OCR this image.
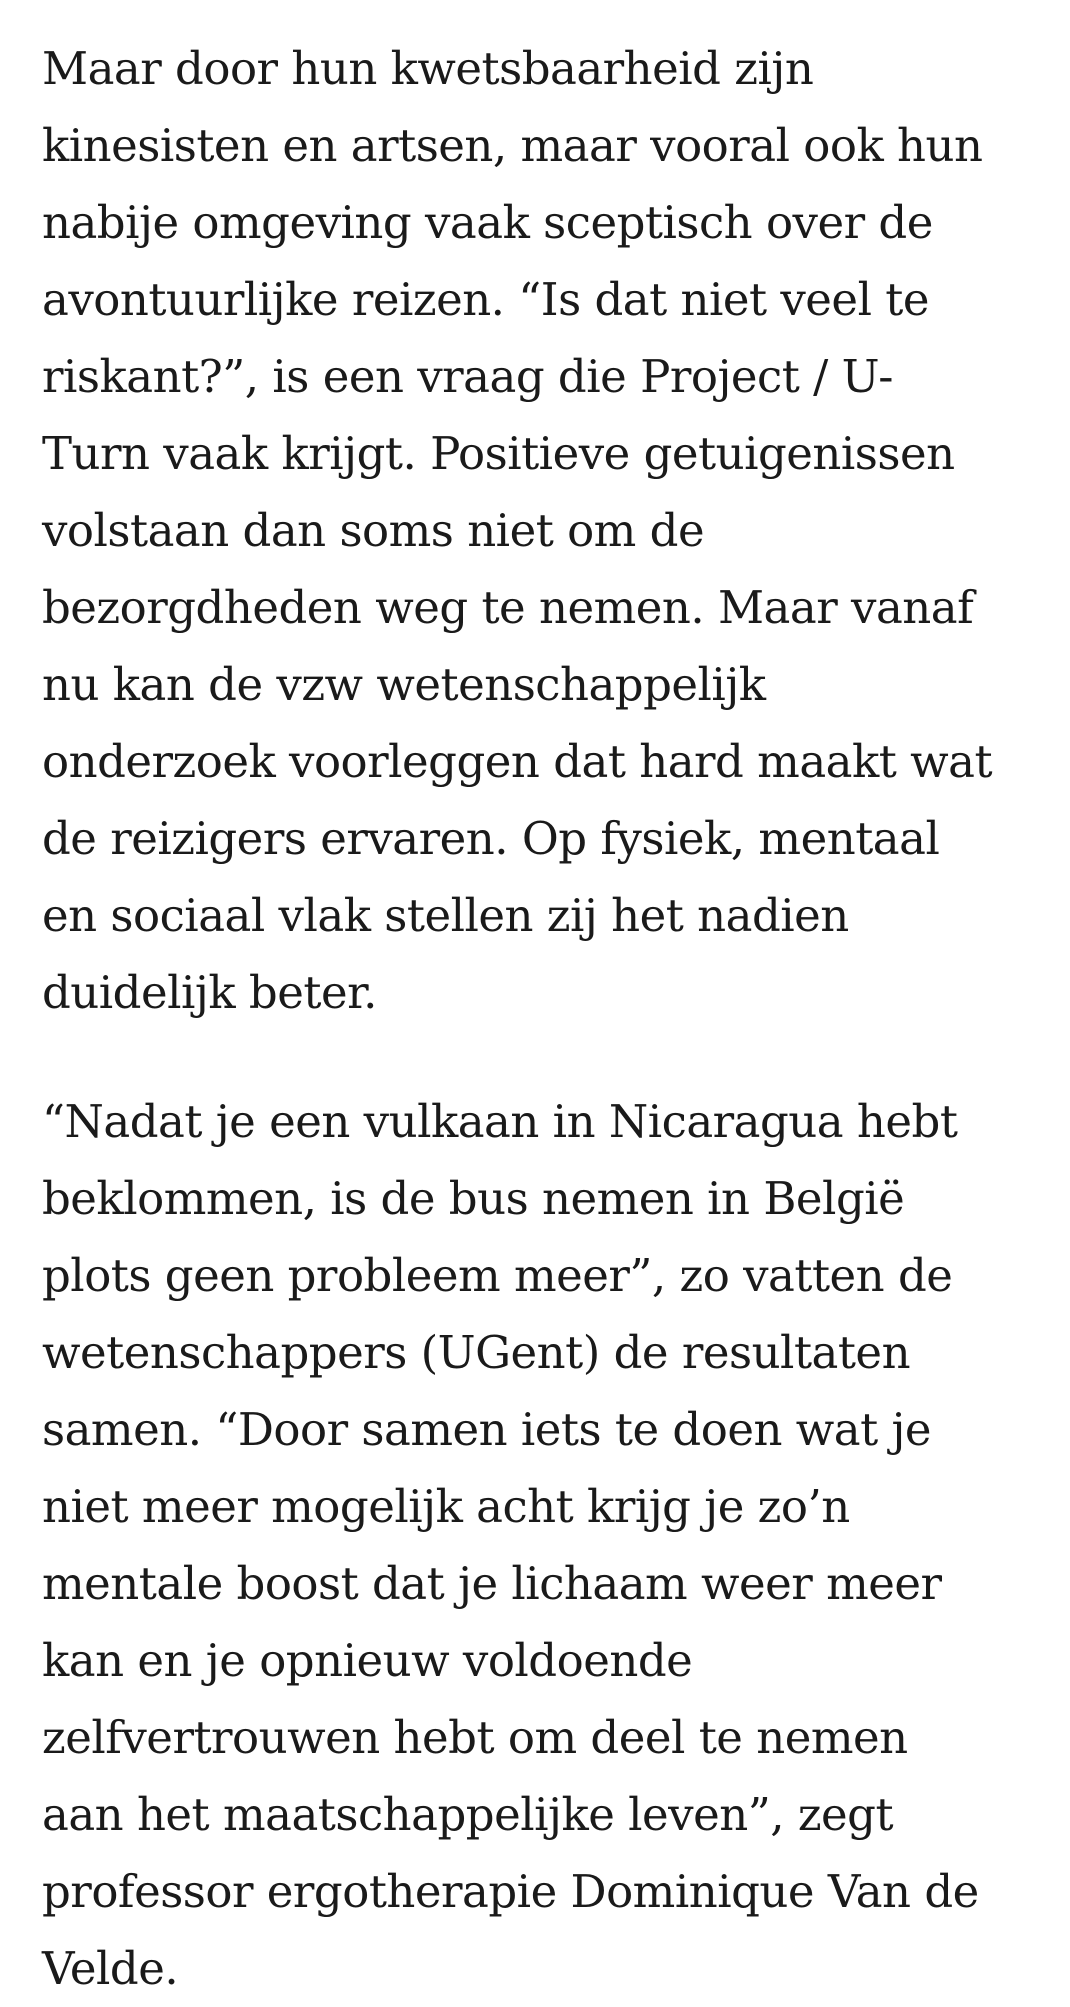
Maar door hun kwetsbaarheid zijn
kinesisten en artsen, maar vooral ook hun
nabije omgeving vaak sceptisch over de
avontuurlijke reizen. “Is dat niet veel te
riskant?”, is een vraag die Project / U-
Turn vaak krijgt. Positieve getuigenissen
volstaan dan soms niet om de
bezorgdheden weg te nemen. Maar vanaf
nu kan de vzw wetenschappelijk
onderzoek voorleggen dat hard maakt wat
de reizigers ervaren. Op fysiek, mentaal
en sociaal vlak stellen zij het nadien
duidelijk beter.

“Nadat je een vulkaan in Nicaragua hebt
beklommen, is de bus nemen in België
plots geen probleem meer”, zo vatten de
wetenschappers (UGent) de resultaten
samen. “Door samen iets te doen wat je
niet meer mogelijk acht krijg je zo’n
mentale boost dat je lichaam weer meer
kan en je opnieuw voldoende
zelfvertrouwen hebt om deel te nemen
aan het maatschappelijke leven”, zegt
professor ergotherapie Dominique Van de
Velde.
